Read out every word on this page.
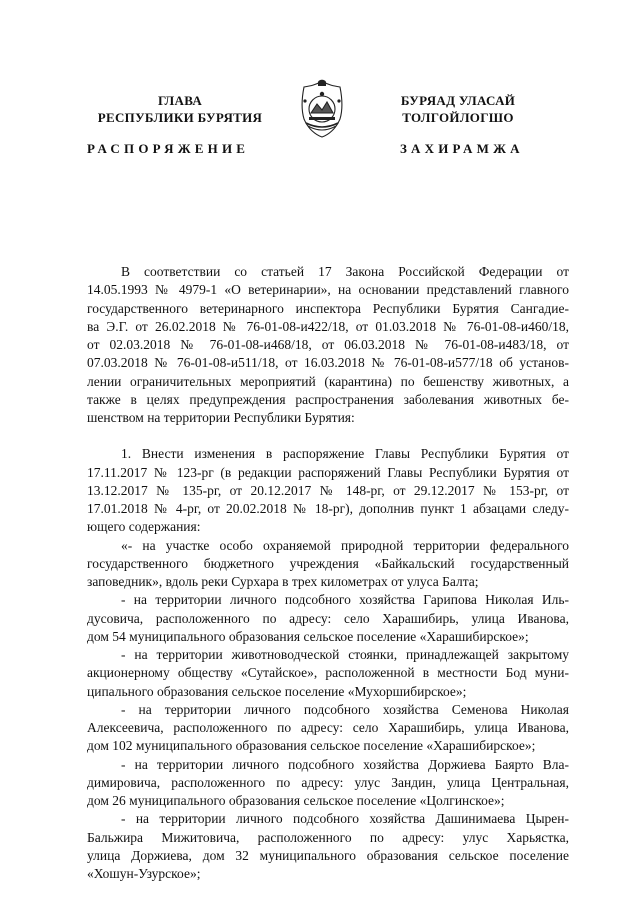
ГЛАВА
РЕСПУБЛИКИ БУРЯТИЯ
БУРЯАД УЛАСАЙ
ТОЛГОЙЛОГШО
РАСПОРЯЖЕНИЕ	ЗАХИРАМЖА
В соответствии со статьей 17 Закона Российской Федерации от
14.05.1993 № 4979-1 «О ветеринарии», на основании представлений главного
государственного ветеринарного инспектора Республики Бурятия Сангадие-
ва Э.Г. от 26.02.2018 № 76-01-08-и422/18, от 01.03.2018 № 76-01-08-и460/18,
от 02.03.2018 № 76-01-08-и468/18, от 06.03.2018 № 76-01-08-и483/18, от
07.03.2018 № 76-01-08-и511/18, от 16.03.2018 № 76-01-08-и577/18 об установ-
лении ограничительных мероприятий (карантина) по бешенству животных, а
также в целях предупреждения распространения заболевания животных бе-
шенством на территории Республики Бурятия:
1. Внести изменения в распоряжение Главы Республики Бурятия от
17.11.2017 № 123-рг (в редакции распоряжений Главы Республики Бурятия от
13.12.2017 № 135-рг, от 20.12.2017 № 148-рг, от 29.12.2017 № 153-рг, от
17.01.2018 № 4-рг, от 20.02.2018 № 18-рг), дополнив пункт 1 абзацами следу-
ющего содержания:
«- на участке особо охраняемой природной территории федерального
государственного бюджетного учреждения «Байкальский государственный
заповедник», вдоль реки Сурхара в трех километрах от улуса Балта;
- на территории личного подсобного хозяйства Гарипова Николая Иль-
дусовича, расположенного по адресу: село Харашибирь, улица Иванова,
дом 54 муниципального образования сельское поселение «Харашибирское»;
- на территории животноводческой стоянки, принадлежащей закрытому
акционерному обществу «Сутайское», расположенной в местности Бод муни-
ципального образования сельское поселение «Мухоршибирское»;
- на территории личного подсобного хозяйства Семенова Николая
Алексеевича, расположенного по адресу: село Харашибирь, улица Иванова,
дом 102 муниципального образования сельское поселение «Харашибирское»;
- на территории личного подсобного хозяйства Доржиева Баярто Вла-
димировича, расположенного по адресу: улус Зандин, улица Центральная,
дом 26 муниципального образования сельское поселение «Цолгинское»;
- на территории личного подсобного хозяйства Дашинимаева Цырен-
Бальжира Мижитовича, расположенного по адресу: улус Харьястка,
улица Доржиева, дом 32 муниципального образования сельское поселение
«Хошун-Узурское»;
